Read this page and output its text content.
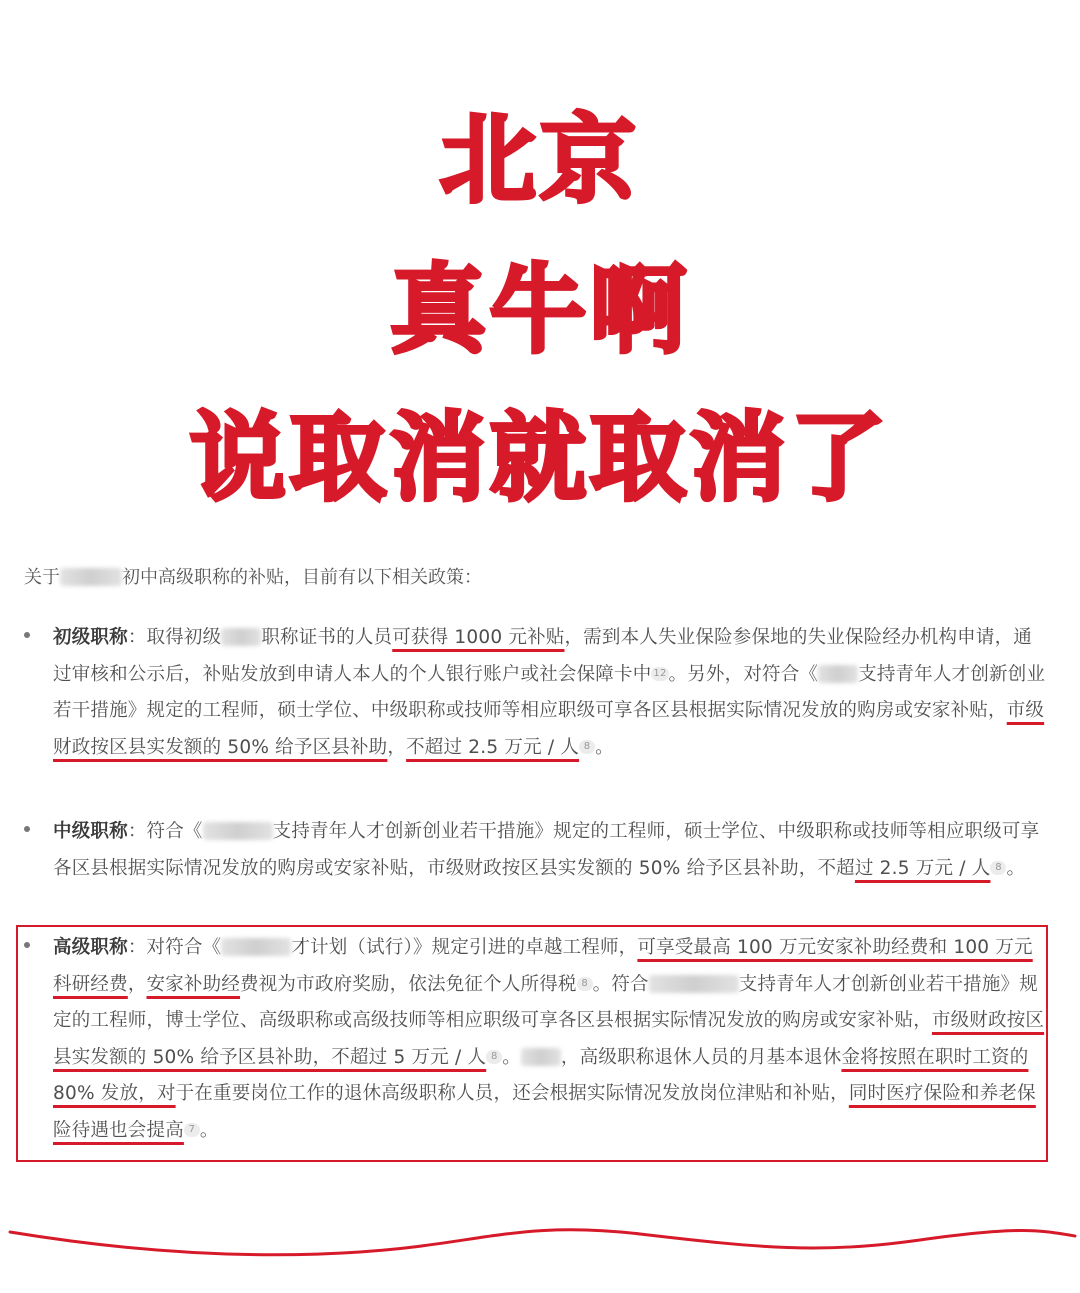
北京
真牛啊
说取消就取消了
关于	初中高级职称的补贴，目前有以下相关政策：
初级职称：取得初级 职称证书的人员可获得 1000 元补贴，需到本人失业保险参保地的失业保险经办机构申请，通过审核和公示后，补贴发放到申请人本人的个人银行账户或社会保障卡中 12 。另外，对符合《 支持青年人才创新创业若干措施》规定的工程师，硕士学位、中级职称或技师等相应职级可享各区县根据实际情况发放的购房或安家补贴，市级财政按区县实发额的 50% 给予区县补助，不超过 2.5 万元 / 人 8 。
中级职称：符合《	支持青年人才创新创业若干措施》规定的工程师，硕士学位、中级职称或技师等相应职级可享各区县根据实际情况发放的购房或安家补贴，市级财政按区县实发额的 50% 给予区县补助，不超过 2.5 万元 / 人 8 。
高级职称：对符合《	才计划（试行）》规定引进的卓越工程师，可享受最高 100 万元安家补助经费和 100 万元科研经费，安家补助经费视为市政府奖励，依法免征个人所得税 8 。符合	支持青年人才创新创业若干措施》规定的工程师，博士学位、高级职称或高级技师等相应职级可享各区县根据实际情况发放的购房或安家补贴，市级财政按区县实发额的 50% 给予区县补助，不超过 5 万元 / 人 8 。 ，高级职称退休人员的月基本退休金将按照在职时工资的 80% 发放，对于在重要岗位工作的退休高级职称人员，还会根据实际情况发放岗位津贴和补贴，同时医疗保险和养老保险待遇也会提高 7 。
